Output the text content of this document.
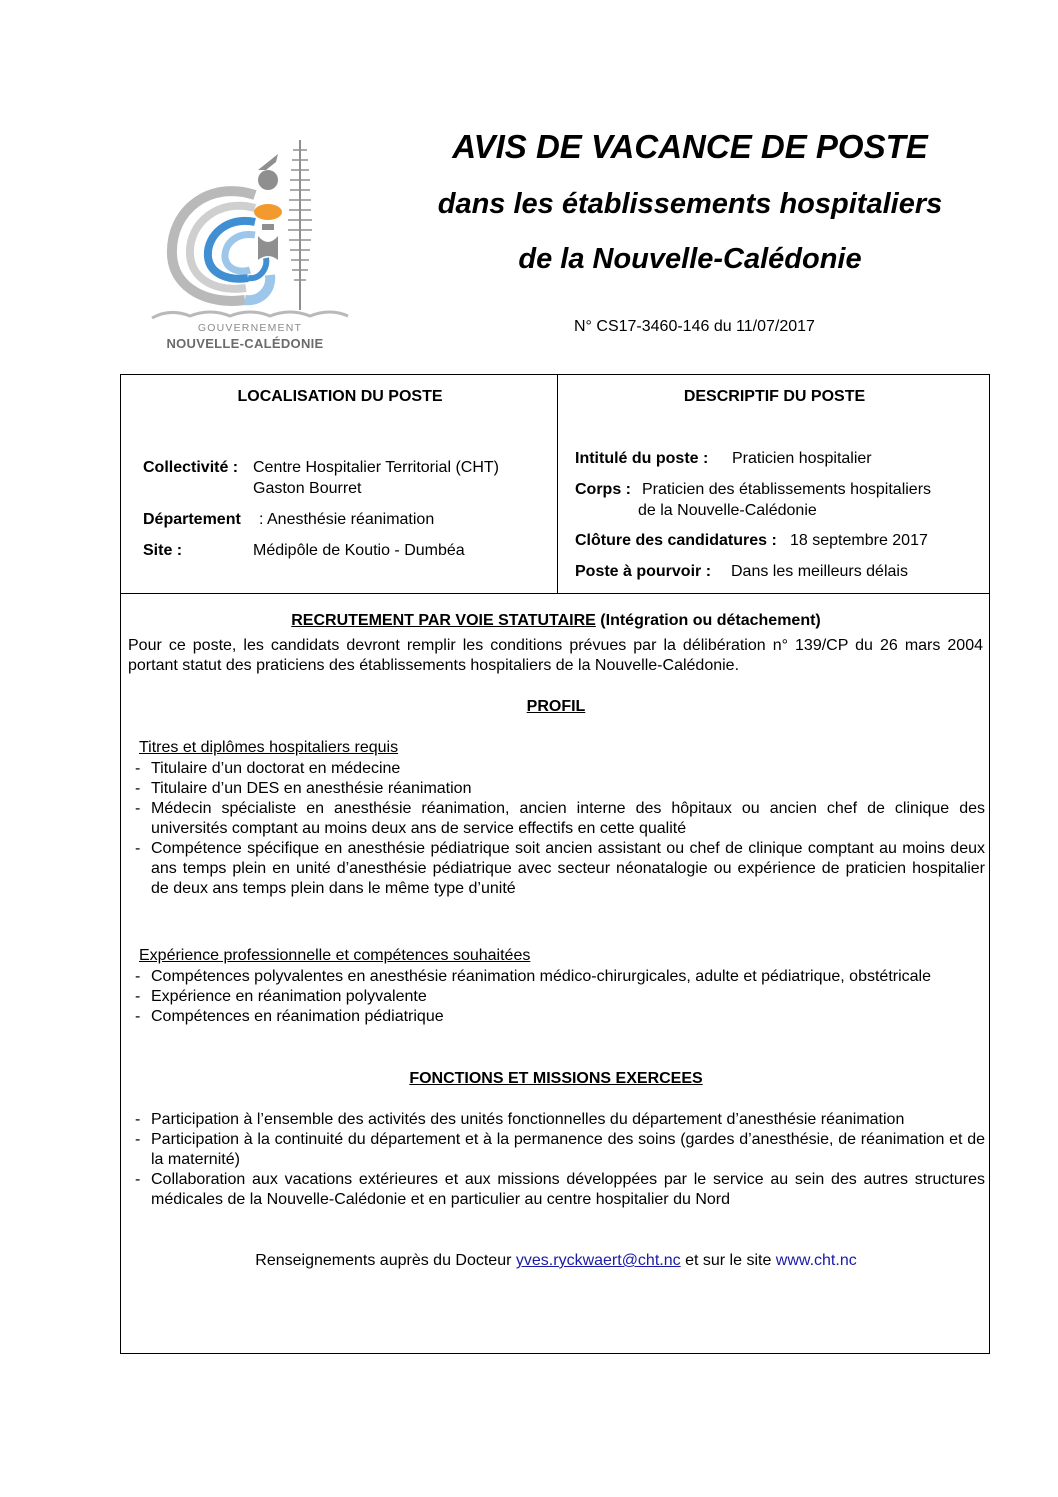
GOUVERNEMENT
NOUVELLE-CALÉDONIE
AVIS DE VACANCE DE POSTE
dans les établissements hospitaliers
de la Nouvelle-Calédonie
N° CS17-3460-146 du 11/07/2017
LOCALISATION DU POSTE
Collectivité : Centre Hospitalier Territorial (CHT)
Gaston Bourret
Département : Anesthésie réanimation
Site :	Médipôle de Koutio - Dumbéa
DESCRIPTIF DU POSTE
Intitulé du poste : Praticien hospitalier
Corps : Praticien des établissements hospitaliers
de la Nouvelle-Calédonie
Clôture des candidatures : 18 septembre 2017
Poste à pourvoir : Dans les meilleurs délais
RECRUTEMENT PAR VOIE STATUTAIRE (Intégration ou détachement)
Pour ce poste, les candidats devront remplir les conditions prévues par la délibération n° 139/CP du 26 mars 2004 portant statut des praticiens des établissements hospitaliers de la Nouvelle-Calédonie.
PROFIL
Titres et diplômes hospitaliers requis
- Titulaire d’un doctorat en médecine
- Titulaire d’un DES en anesthésie réanimation
- Médecin spécialiste en anesthésie réanimation, ancien interne des hôpitaux ou ancien chef de clinique des universités comptant au moins deux ans de service effectifs en cette qualité
- Compétence spécifique en anesthésie pédiatrique soit ancien assistant ou chef de clinique comptant au moins deux ans temps plein en unité d’anesthésie pédiatrique avec secteur néonatalogie ou expérience de praticien hospitalier de deux ans temps plein dans le même type d’unité
Expérience professionnelle et compétences souhaitées
- Compétences polyvalentes en anesthésie réanimation médico-chirurgicales, adulte et pédiatrique, obstétricale
- Expérience en réanimation polyvalente
- Compétences en réanimation pédiatrique
FONCTIONS ET MISSIONS EXERCEES
- Participation à l’ensemble des activités des unités fonctionnelles du département d’anesthésie réanimation
- Participation à la continuité du département et à la permanence des soins (gardes d’anesthésie, de réanimation et de la maternité)
- Collaboration aux vacations extérieures et aux missions développées par le service au sein des autres structures médicales de la Nouvelle-Calédonie et en particulier au centre hospitalier du Nord
Renseignements auprès du Docteur yves.ryckwaert@cht.nc et sur le site www.cht.nc
